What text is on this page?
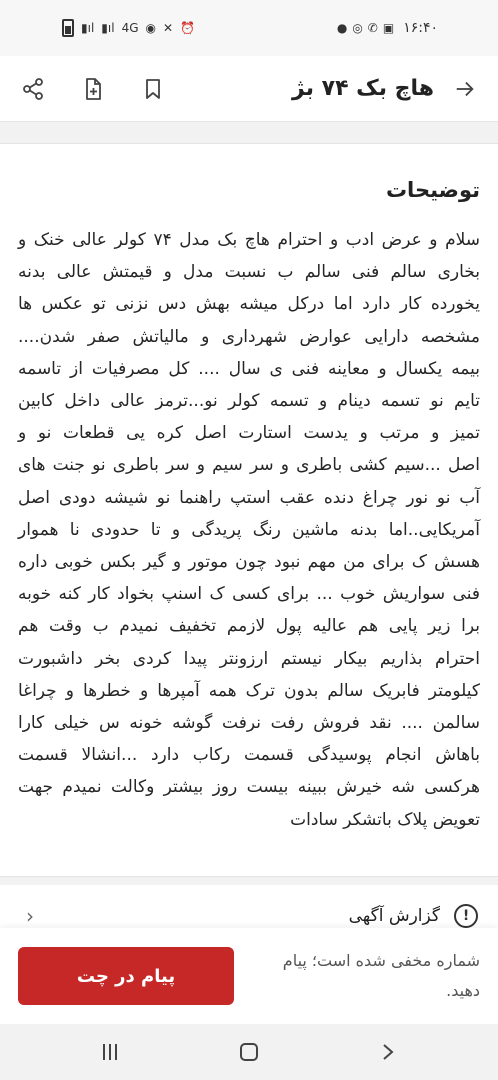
▮ıl ▮ıl 4G ◉ ✕ ⏰	● ◎ ✆ ▣ ۱۶:۴۰
هاچ بک ۷۴ بژ
توضیحات
سلام و عرض ادب و احترام هاچ بک مدل ۷۴ کولر عالی خنک و
بخاری سالم فنی سالم ب نسبت مدل و قیمتش عالی بدنه
یخورده کار دارد اما درکل میشه بهش دس نزنی تو عکس ها
مشخصه دارایی عوارض شهرداری و مالیاتش صفر شدن....
بیمه یکسال و معاینه فنی ی سال .... کل مصرفیات از تاسمه
تایم نو تسمه دینام و تسمه کولر نو...ترمز عالی داخل کابین
تمیز و مرتب و یدست استارت اصل کره یی قطعات نو و
اصل ...سیم کشی باطری و سر سیم و سر باطری نو جنت های
آب نو نور چراغ دنده عقب استپ راهنما نو شیشه دودی اصل
آمریکایی..اما بدنه ماشین رنگ پریدگی و تا حدودی نا هموار
هسش ک برای من مهم نبود چون موتور و گیر بکس خوبی داره
فنی سواریش خوب ... برای کسی ک اسنپ بخواد کار کنه خوبه
برا زیر پایی هم عالیه پول لازمم تخفیف نمیدم ب وقت هم
احترام بذاریم بیکار نیستم ارزونتر پیدا کردی بخر داشبورت
کیلومتر فابریک سالم بدون ترک همه آمپرها و خطرها و چراغا
سالمن .... نقد فروش رفت نرفت گوشه خونه س خیلی کارا
باهاش انجام پوسیدگی قسمت رکاب دارد ...انشالا قسمت
هرکسی شه خیرش ببینه بیست روز بیشتر وکالت نمیدم جهت
تعویض پلاک باتشکر سادات
!
گزارش آگهی
‹
پیام در چت
شماره مخفی شده است؛ پیام دهید.
